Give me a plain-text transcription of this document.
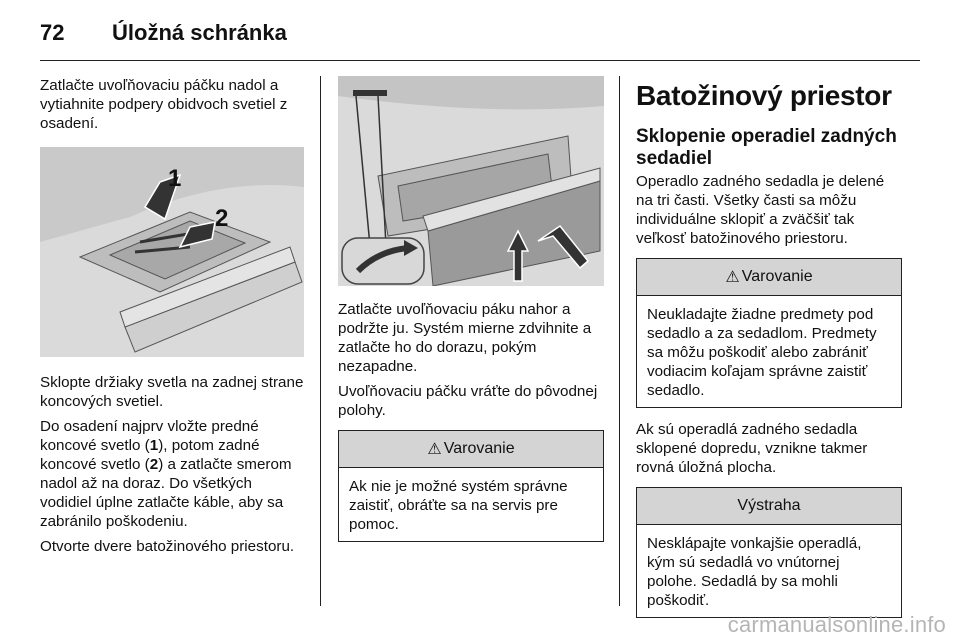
72 Úložná schránka

Zatlačte uvoľňovaciu páčku nadol a vytiahnite podpery obidvoch svetiel z osadení.

1
2

Sklopte držiaky svetla na zadnej strane koncových svetiel.

Do osadení najprv vložte predné koncové svetlo (1), potom zadné koncové svetlo (2) a zatlačte smerom nadol až na doraz. Do všetkých vodidiel úplne zatlačte káble, aby sa zabránilo poškodeniu.

Otvorte dvere batožinového priestoru.

Zatlačte uvoľňovaciu páku nahor a podržte ju. Systém mierne zdvihnite a zatlačte ho do dorazu, pokým nezapadne.

Uvoľňovaciu páčku vráťte do pôvodnej polohy.

⚠ Varovanie

Ak nie je možné systém správne zaistiť, obráťte sa na servis pre pomoc.

Batožinový priestor
Sklopenie operadiel zadných sedadiel

Operadlo zadného sedadla je delené na tri časti. Všetky časti sa môžu individuálne sklopiť a zväčšiť tak veľkosť batožinového priestoru.

⚠ Varovanie

Neukladajte žiadne predmety pod sedadlo a za sedadlom. Predmety sa môžu poškodiť alebo zabrániť vodiacim koľajam správne zaistiť sedadlo.

Ak sú operadlá zadného sedadla sklopené dopredu, vznikne takmer rovná úložná plocha.

Výstraha

Nesklápajte vonkajšie operadlá, kým sú sedadlá vo vnútornej polohe. Sedadlá by sa mohli poškodiť.

carmanualsonline.info
